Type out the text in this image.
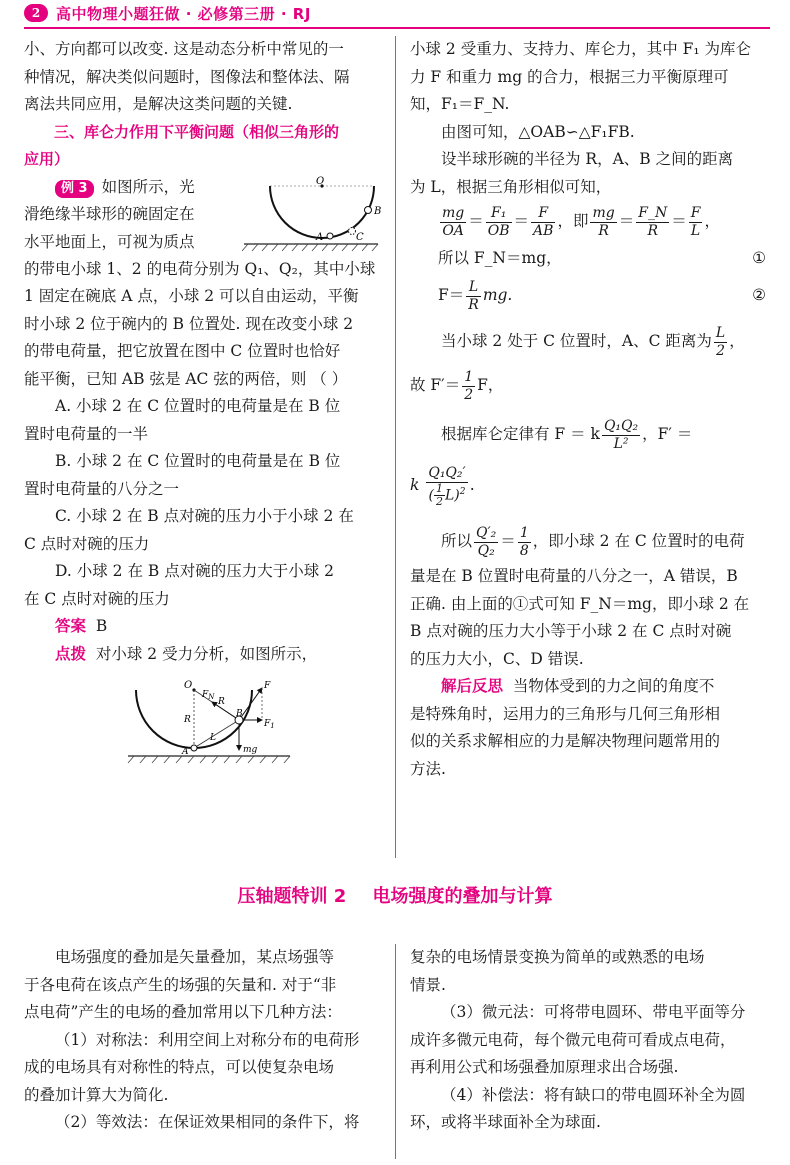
2	高中物理小题狂做 · 必修第三册 · RJ

小、方向都可以改变. 这是动态分析中常见的一

种情况，解决类似问题时，图像法和整体法、隔

离法共同应用，是解决这类问题的关键.

三、库仑力作用下平衡问题（相似三角形的

应用）

例 3 如图所示，光

滑绝缘半球形的碗固定在

水平地面上，可视为质点

O
A
B
C

的带电小球 1、2 的电荷分别为 Q₁、Q₂，其中小球

1 固定在碗底 A 点，小球 2 可以自由运动，平衡

时小球 2 位于碗内的 B 位置处. 现在改变小球 2

的带电荷量，把它放置在图中 C 位置时也恰好

能平衡，已知 AB 弦是 AC 弦的两倍，则 （ ）

A. 小球 2 在 C 位置时的电荷量是在 B 位

置时电荷量的一半

B. 小球 2 在 C 位置时的电荷量是在 B 位

置时电荷量的八分之一

C. 小球 2 在 B 点对碗的压力小于小球 2 在

C 点时对碗的压力

D. 小球 2 在 B 点对碗的压力大于小球 2

在 C 点时对碗的压力

答案 B

点拨 对小球 2 受力分析，如图所示，

O
R
R
L
$F_N$
F
mg
$F_1$
B
A

小球 2 受重力、支持力、库仑力，其中 F₁ 为库仑

力 F 和重力 mg 的合力，根据三力平衡原理可

知，F₁＝F_N.

由图可知，△OAB∽△F₁FB.

设半球形碗的半径为 R，A、B 之间的距离

为 L，根据三角形相似可知，

$\frac{mg}{OA} = \frac{\text{F₁}}{OB} = \frac{F}{AB}$ ，即 $\frac{mg}{R} = \frac{F\_N}{R} = \frac{F}{L}$ ，
所以 F_N＝mg，	①
$F= \frac{L}{R}$ mg.	②
当小球 2 处于 C 位置时，A、C 距离为 $\frac{L}{2}$ ，
故 $F'= \frac{1}{2}$ F，
根据库仑定律有 F ＝ k $\frac{\text{Q₁Q₂}}{\text{L²}}$ ，F′ ＝
k $\frac{\text{Q₁Q₂′}}{( \frac{1}{2} L)^2}$ .
所以 $\frac{\text{Q′₂}}{\text{Q₂}} = \frac{1}{8}$ ，即小球 2 在 C 位置时的电荷

量是在 B 位置时电荷量的八分之一，A 错误，B

正确. 由上面的①式可知 F_N＝mg，即小球 2 在

B 点对碗的压力大小等于小球 2 在 C 点时对碗

的压力大小，C、D 错误.

解后反思 当物体受到的力之间的角度不

是特殊角时，运用力的三角形与几何三角形相

似的关系求解相应的力是解决物理问题常用的

方法.

压轴题特训 2 电场强度的叠加与计算

电场强度的叠加是矢量叠加，某点场强等

于各电荷在该点产生的场强的矢量和. 对于“非

点电荷”产生的电场的叠加常用以下几种方法：

（1）对称法：利用空间上对称分布的电荷形

成的电场具有对称性的特点，可以使复杂电场

的叠加计算大为简化.

（2）等效法：在保证效果相同的条件下，将

复杂的电场情景变换为简单的或熟悉的电场

情景.

（3）微元法：可将带电圆环、带电平面等分

成许多微元电荷，每个微元电荷可看成点电荷，

再利用公式和场强叠加原理求出合场强.

（4）补偿法：将有缺口的带电圆环补全为圆

环，或将半球面补全为球面.
